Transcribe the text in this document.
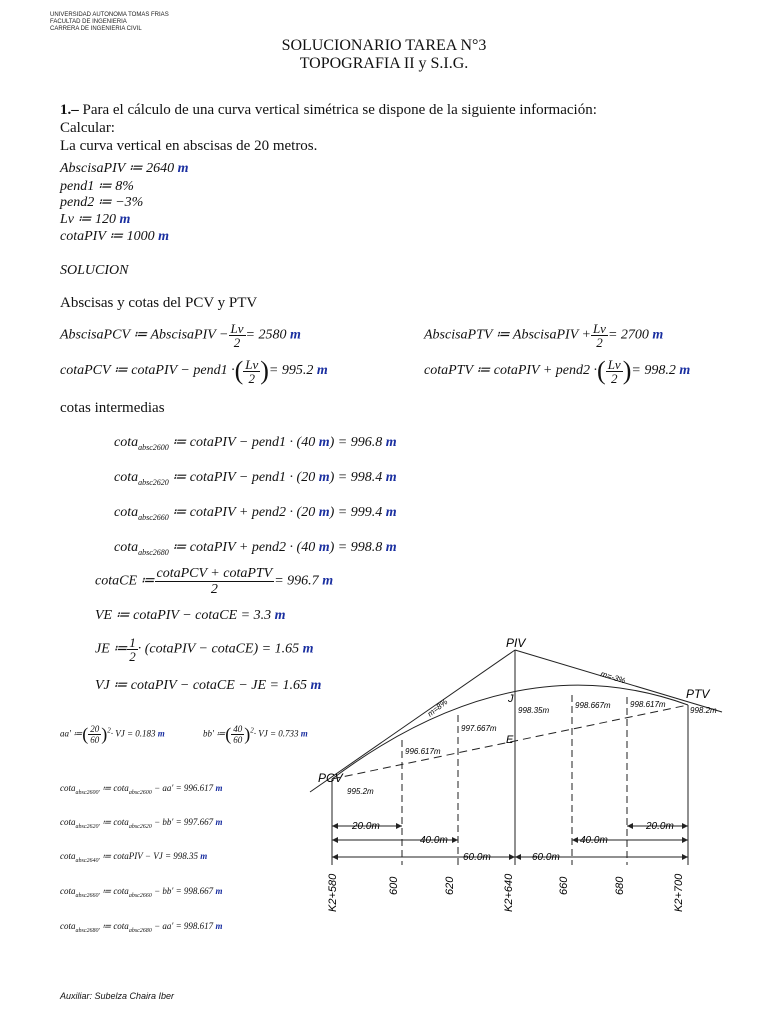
UNIVERSIDAD AUTONOMA TOMAS FRIAS
FACULTAD DE INGENIERIA
CARRERA DE INGENIERIA CIVIL
SOLUCIONARIO TAREA N°3
TOPOGRAFIA II y S.I.G.
1.– Para el cálculo de una curva vertical simétrica se dispone de la siguiente información:
Calcular:
La curva vertical en abscisas de 20 metros.
AbscisaPIV ≔ 2640 m
pend1 ≔ 8%
pend2 ≔ −3%
Lv ≔ 120 m
cotaPIV ≔ 1000 m
SOLUCION
Abscisas y cotas del PCV y PTV
AbscisaPCV ≔ AbscisaPIV − $\frac{Lv}{2} = 2580$ m
cotaPCV ≔ cotaPIV − pend1 ·( $\frac{Lv}{2}$ )= 995.2 m
AbscisaPTV ≔ AbscisaPIV + $\frac{Lv}{2} = 2700$ m
cotaPTV ≔ cotaPIV + pend2 ·( $\frac{Lv}{2}$ )= 998.2 m
cotas intermedias
cota$_{absc2600}$ ≔ cotaPIV − pend1 · (40 m) = 996.8 m
cota$_{absc2620}$ ≔ cotaPIV − pend1 · (20 m) = 998.4 m
cota$_{absc2660}$ ≔ cotaPIV + pend2 · (20 m) = 999.4 m
cota$_{absc2680}$ ≔ cotaPIV + pend2 · (40 m) = 998.8 m
cotaCE ≔ $\frac{\text{cotaPCV + cotaPTV}}{2} = 996.7$ m
VE ≔ cotaPIV − cotaCE = 3.3 m
JE ≔ $\frac{1}{2}$ · (cotaPIV − cotaCE) = 1.65 m
VJ ≔ cotaPIV − cotaCE − JE = 1.65 m
aa′ ≔( $\frac{20}{60} )^2\cdot$ VJ = 0.183 m	bb′ ≔( $\frac{40}{60} )^2\cdot$ VJ = 0.733 m
cota$_{absc2600'}$ ≔ cota$_{absc2600}$ − aa′ = 996.617 m
cota$_{absc2620'}$ ≔ cota$_{absc2620}$ − bb′ = 997.667 m
cota$_{absc2640'}$ ≔ cotaPIV − VJ = 998.35 m
cota$_{absc2660'}$ ≔ cota$_{absc2660}$ − bb′ = 998.667 m
cota$_{absc2680'}$ ≔ cota$_{absc2680}$ − aa′ = 998.617 m
PIV
PTV
PCV
J
E
m=8%
m=-3%
995.2m
996.617m
997.667m
998.35m
998.667m 998.617m
998.2m
20.0m
40.0m
60.0m	60.0m
40.0m
20.0m
K2+580	600	620	K2+640	660	680	K2+700
Auxiliar: Subelza Chaira Iber
